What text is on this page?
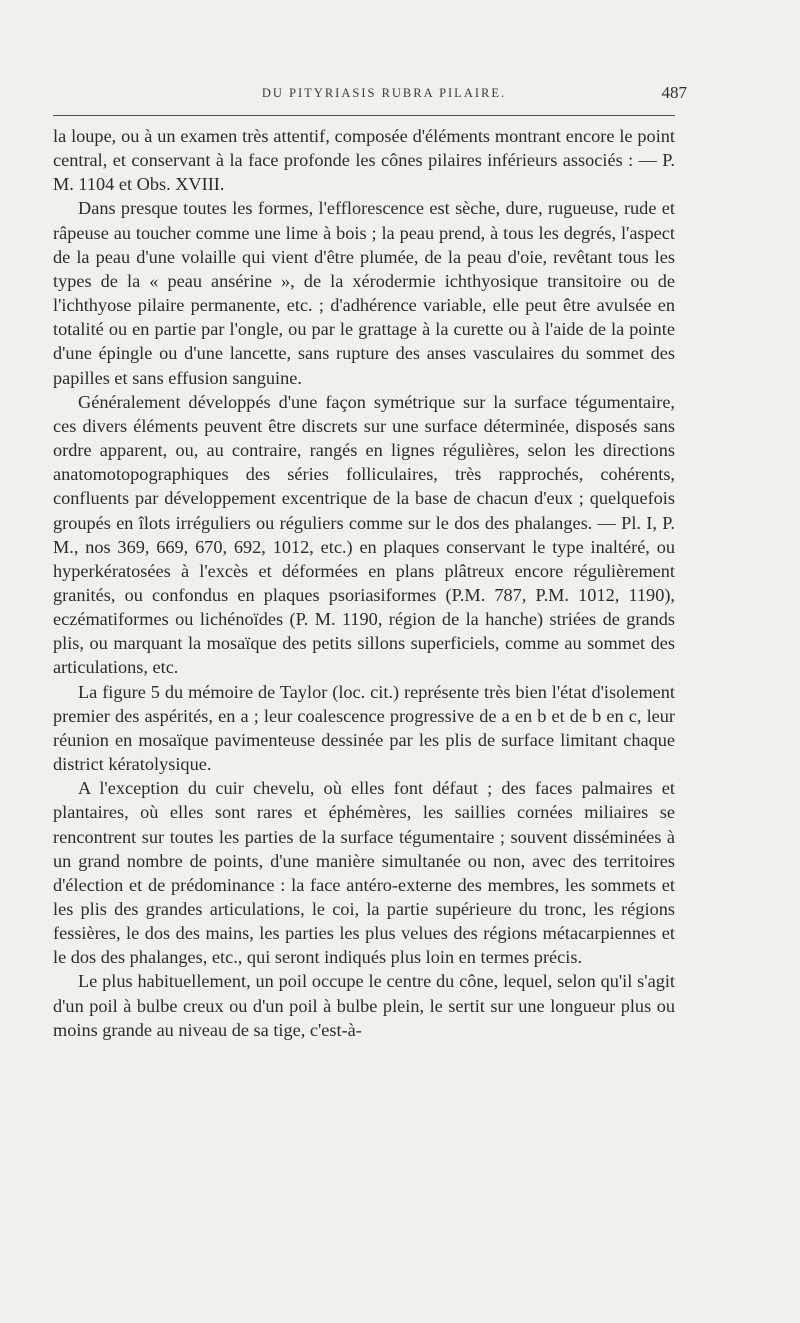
DU PITYRIASIS RUBRA PILAIRE.	487

la loupe, ou à un examen très attentif, composée d'éléments montrant encore le point central, et conservant à la face profonde les cônes pilaires inférieurs associés : — P. M. 1104 et Obs. XVIII.

Dans presque toutes les formes, l'efflorescence est sèche, dure, rugueuse, rude et râpeuse au toucher comme une lime à bois ; la peau prend, à tous les degrés, l'aspect de la peau d'une volaille qui vient d'être plumée, de la peau d'oie, revêtant tous les types de la « peau ansérine », de la xérodermie ichthyosique transitoire ou de l'ichthyose pilaire permanente, etc. ; d'adhérence variable, elle peut être avulsée en totalité ou en partie par l'ongle, ou par le grattage à la curette ou à l'aide de la pointe d'une épingle ou d'une lancette, sans rupture des anses vasculaires du sommet des papilles et sans effusion sanguine.

Généralement développés d'une façon symétrique sur la surface tégumentaire, ces divers éléments peuvent être discrets sur une surface déterminée, disposés sans ordre apparent, ou, au contraire, rangés en lignes régulières, selon les directions anatomotopographiques des séries folliculaires, très rapprochés, cohérents, confluents par développement excentrique de la base de chacun d'eux ; quelquefois groupés en îlots irréguliers ou réguliers comme sur le dos des phalanges. — Pl. I, P. M., nos 369, 669, 670, 692, 1012, etc.) en plaques conservant le type inaltéré, ou hyperkératosées à l'excès et déformées en plans plâtreux encore régulièrement granités, ou confondus en plaques psoriasiformes (P.M. 787, P.M. 1012, 1190), eczématiformes ou lichénoïdes (P. M. 1190, région de la hanche) striées de grands plis, ou marquant la mosaïque des petits sillons superficiels, comme au sommet des articulations, etc.

La figure 5 du mémoire de Taylor (loc. cit.) représente très bien l'état d'isolement premier des aspérités, en a ; leur coalescence progressive de a en b et de b en c, leur réunion en mosaïque pavimenteuse dessinée par les plis de surface limitant chaque district kératolysique.

A l'exception du cuir chevelu, où elles font défaut ; des faces palmaires et plantaires, où elles sont rares et éphémères, les saillies cornées miliaires se rencontrent sur toutes les parties de la surface tégumentaire ; souvent disséminées à un grand nombre de points, d'une manière simultanée ou non, avec des territoires d'élection et de prédominance : la face antéro-externe des membres, les sommets et les plis des grandes articulations, le coi, la partie supérieure du tronc, les régions fessières, le dos des mains, les parties les plus velues des régions métacarpiennes et le dos des phalanges, etc., qui seront indiqués plus loin en termes précis.

Le plus habituellement, un poil occupe le centre du cône, lequel, selon qu'il s'agit d'un poil à bulbe creux ou d'un poil à bulbe plein, le sertit sur une longueur plus ou moins grande au niveau de sa tige, c'est-à-
